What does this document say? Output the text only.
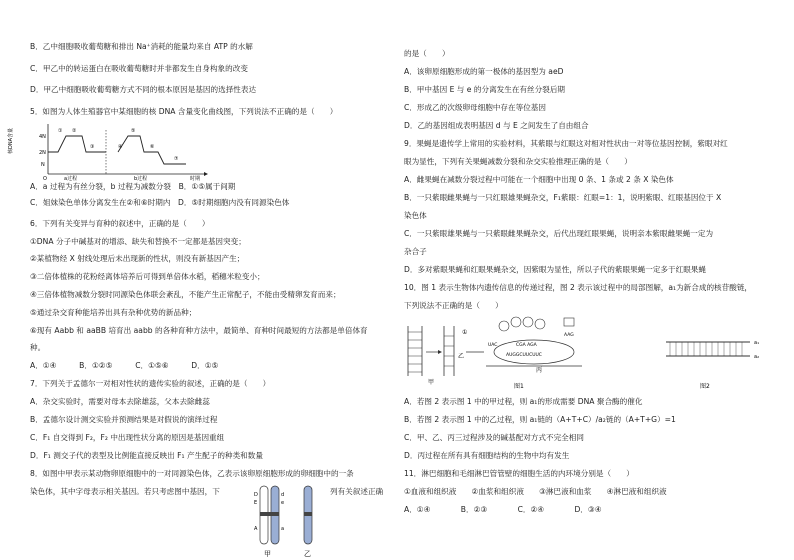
B．乙中细胞吸收葡萄糖和排出 Na⁺消耗的能量均来自 ATP 的水解

C．甲乙中的转运蛋白在吸收葡萄糖时并非都发生自身构象的改变

D．甲乙中细胞吸收葡萄糖方式不同的根本原因是基因的选择性表达

5．如图为人体生殖器官中某细胞的核 DNA 含量变化曲线图，下列说法不正确的是（　　）

A．a 过程为有丝分裂，b 过程为减数分裂　B．①⑤属于间期

C．姐妹染色单体分离发生在②和⑥时期内　D．⑤时期细胞内没有同源染色体

6．下列有关变异与育种的叙述中，正确的是（　　）

①DNA 分子中碱基对的增添、缺失和替换不一定都是基因突变；

②某植物经 X 射线处理后未出现新的性状，则没有新基因产生；

③二倍体植株的花粉经离体培养后可得到单倍体水稻，稻穗米粒变小；

④三倍体植物减数分裂时同源染色体联会紊乱，不能产生正常配子，不能由受精卵发育而来；

⑤通过杂交育种能培养出具有杂种优势的新品种；

⑥现有 Aabb 和 aaBB 培育出 aabb 的各种育种方法中，最简单、育种时间最短的方法都是单倍体育

种。

A．①④　　　B．①②⑤　　　C．①⑤⑥　　　D．①⑤

7．下列关于孟德尔一对相对性状的遗传实验的叙述，正确的是（　　）

A．杂交实验时，需要对母本去除雄蕊，父本去除雌蕊

B．孟德尔设计测交实验并预测结果是对假说的演绎过程

C．F₁ 自交得到 F₂，F₂ 中出现性状分离的原因是基因重组

D．F₁ 测交子代的表型及比例能直接反映出 F₁ 产生配子的种类和数量

8．如图中甲表示某动物卵原细胞中的一对同源染色体，乙表示该卵原细胞形成的卵细胞中的一条

染色体，其中字母表示相关基因。若只考虑图中基因，下	列有关叙述正确

核DNA含量	4N
2N
N
O
① ②
③	④
⑤
⑥
⑦
a过程	b过程	时期
D
E
d
e
A	a
甲	乙

的是（　　）

A．该卵原细胞形成的第一极体的基因型为 aeD

B．甲中基因 E 与 e 的分离发生在有丝分裂后期

C．形成乙的次级卵母细胞中存在等位基因

D．乙的基因组成表明基因 d 与 E 之间发生了自由组合

9．果蝇是遗传学上常用的实验材料，其紫眼与红眼这对相对性状由一对等位基因控制，紫眼对红

眼为显性，下列有关果蝇减数分裂和杂交实验推理正确的是（　　）

A．雌果蝇在减数分裂过程中可能在一个细胞中出现 0 条、1 条或 2 条 X 染色体

B．一只紫眼雌果蝇与一只红眼雄果蝇杂交，F₁紫眼：红眼=1：1，说明紫眼、红眼基因位于 X

染色体

C．一只紫眼雄果蝇与一只紫眼雌果蝇杂交，后代出现红眼果蝇，说明亲本紫眼雌果蝇一定为

杂合子

D．多对紫眼果蝇和红眼果蝇杂交，因紫眼为显性，所以子代的紫眼果蝇一定多于红眼果蝇

10．图 1 表示生物体内遗传信息的传递过程，图 2 表示该过程中的局部图解，a₁为新合成的核苷酸链，

下列说法不正确的是（　　）

A．若图 2 表示图 1 中的甲过程，则 a₁的形成需要 DNA 聚合酶的催化

B．若图 2 表示图 1 中的乙过程，则 a₁链的（A+T+C）/a₂链的（A+T+G）=1

C．甲、乙、丙三过程涉及的碱基配对方式不完全相同

D．丙过程在所有具有细胞结构的生物中均有发生

11．淋巴细胞和毛细淋巴管管壁的细胞生活的内环境分别是（　　）

①血液和组织液　　②血浆和组织液　　③淋巴液和血浆　　④淋巴液和组织液

A．①④　　　　B．②③　　　　C．②④　　　　D．③④

甲
乙
①
UAC	CGA AGA
AUGGCUUCUUC
AAG
丙
图1
a₁
a₂
图2
